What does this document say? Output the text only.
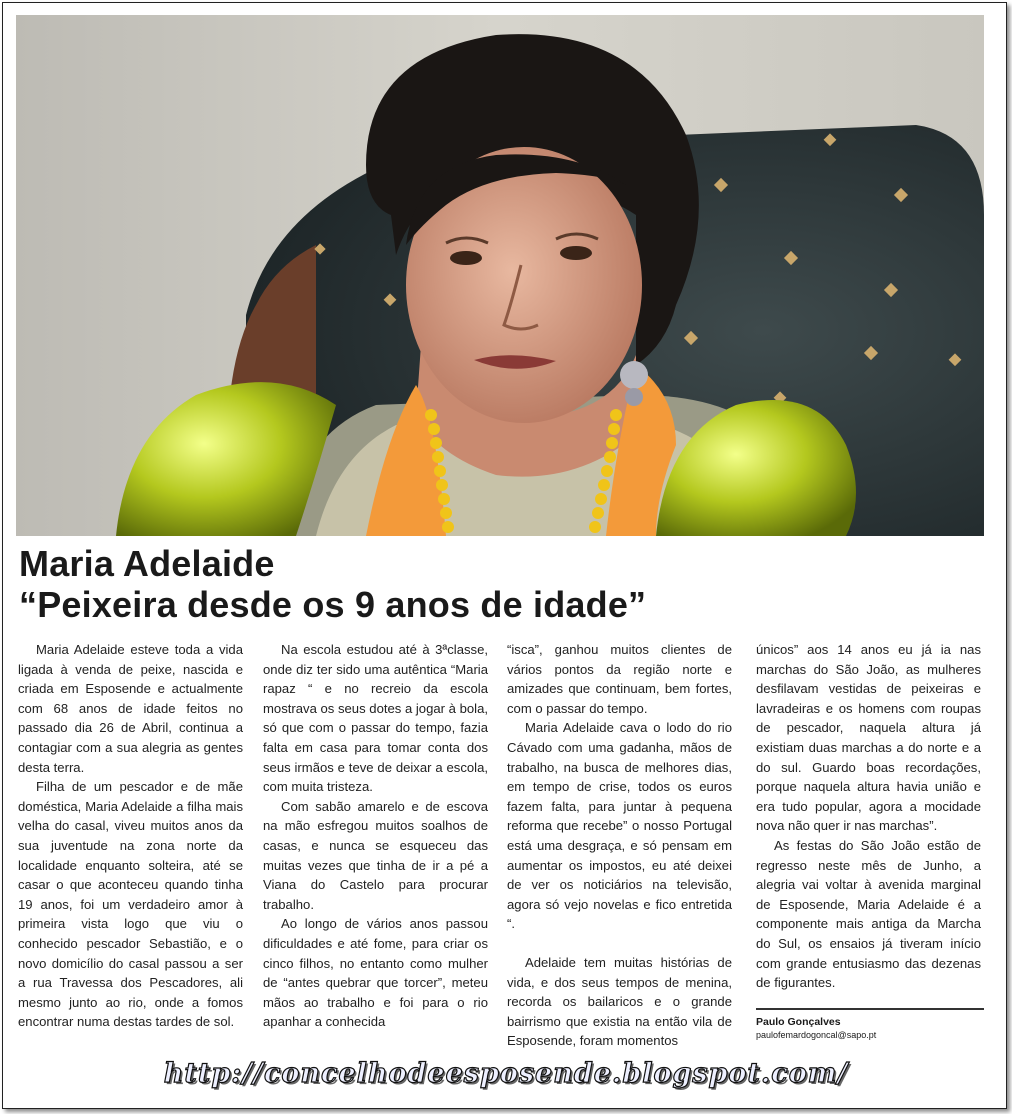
Maria Adelaide
“Peixeira desde os 9 anos de idade”

Maria Adelaide esteve toda a vida ligada à venda de peixe, nascida e criada em Esposende e actualmente com 68 anos de idade feitos no passado dia 26 de Abril, continua a contagiar com a sua alegria as gentes desta terra.

Filha de um pescador e de mãe doméstica, Maria Adelaide a filha mais velha do casal, viveu muitos anos da sua juventude na zona norte da localidade enquanto solteira, até se casar o que aconteceu quando tinha 19 anos, foi um verdadeiro amor à primeira vista logo que viu o conhecido pescador Sebastião, e o novo domicílio do casal passou a ser a rua Travessa dos Pescadores, ali mesmo junto ao rio, onde a fomos encontrar numa destas tardes de sol.

Na escola estudou até à 3ªclasse, onde diz ter sido uma autêntica “Maria rapaz “ e no recreio da escola mostrava os seus dotes a jogar à bola, só que com o passar do tempo, fazia falta em casa para tomar conta dos seus irmãos e teve de deixar a escola, com muita tristeza.

Com sabão amarelo e de escova na mão esfregou muitos soalhos de casas, e nunca se esqueceu das muitas vezes que tinha de ir a pé a Viana do Castelo para procurar trabalho.

Ao longo de vários anos passou dificuldades e até fome, para criar os cinco filhos, no entanto como mulher de “antes quebrar que torcer”, meteu mãos ao trabalho e foi para o rio apanhar a conhecida

“isca”, ganhou muitos clientes de vários pontos da região norte e amizades que continuam, bem fortes, com o passar do tempo.

Maria Adelaide cava o lodo do rio Cávado com uma gadanha, mãos de trabalho, na busca de melhores dias, em tempo de crise, todos os euros fazem falta, para juntar à pequena reforma que recebe” o nosso Portugal está uma desgraça, e só pensam em aumentar os impostos, eu até deixei de ver os noticiários na televisão, agora só vejo novelas e fico entretida “.

Adelaide tem muitas histórias de vida, e dos seus tempos de menina, recorda os bailaricos e o grande bairrismo que existia na então vila de Esposende, foram momentos

únicos” aos 14 anos eu já ia nas marchas do São João, as mulheres desfilavam vestidas de peixeiras e lavradeiras e os homens com roupas de pescador, naquela altura já existiam duas marchas a do norte e a do sul. Guardo boas recordações, porque naquela altura havia união e era tudo popular, agora a mocidade nova não quer ir nas marchas”.

As festas do São João estão de regresso neste mês de Junho, a alegria vai voltar à avenida marginal de Esposende, Maria Adelaide é a componente mais antiga da Marcha do Sul, os ensaios já tiveram início com grande entusiasmo das dezenas de figurantes.

Paulo Gonçalves
paulofemardogoncal@sapo.pt
http://concelhodeesposende.blogspot.com/
